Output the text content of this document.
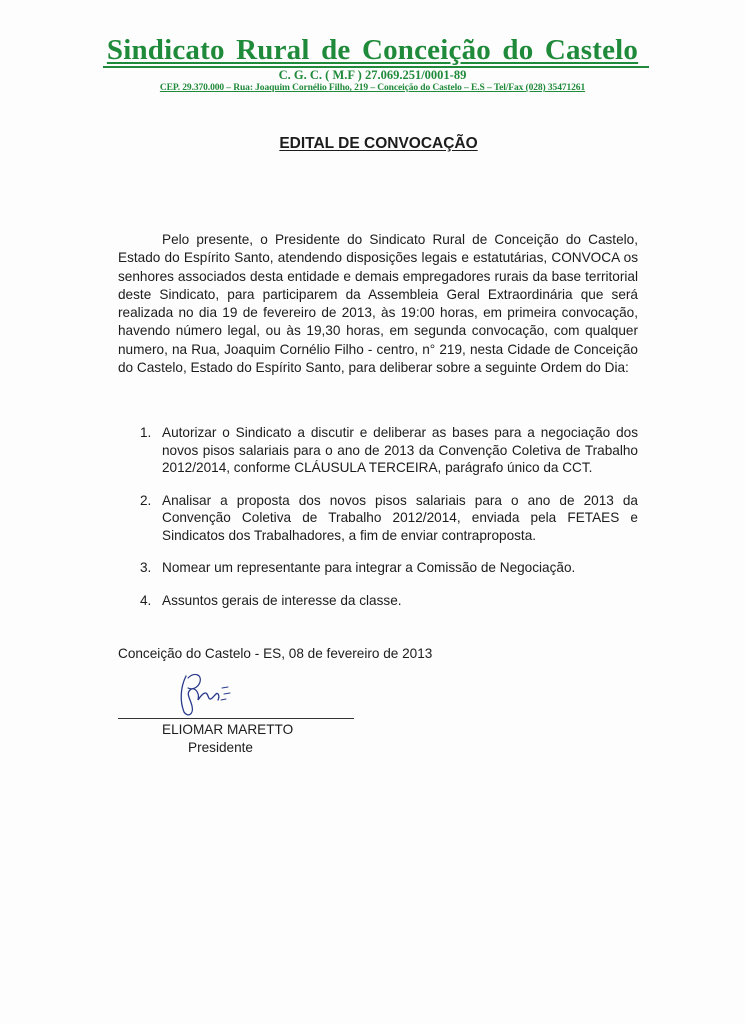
Sindicato Rural de Conceição do Castelo
C. G. C. ( M.F ) 27.069.251/0001-89
CEP. 29.370.000 – Rua: Joaquim Cornélio Filho, 219 – Conceição do Castelo – E.S – Tel/Fax (028) 35471261
EDITAL DE CONVOCAÇÃO

Pelo presente, o Presidente do Sindicato Rural de Conceição do Castelo, Estado do Espírito Santo, atendendo disposições legais e estatutárias, CONVOCA os senhores associados desta entidade e demais empregadores rurais da base territorial deste Sindicato, para participarem da Assembleia Geral Extraordinária que será realizada no dia 19 de fevereiro de 2013, às 19:00 horas, em primeira convocação, havendo número legal, ou às 19,30 horas, em segunda convocação, com qualquer numero, na Rua, Joaquim Cornélio Filho - centro, n° 219, nesta Cidade de Conceição do Castelo, Estado do Espírito Santo, para deliberar sobre a seguinte Ordem do Dia:

1. Autorizar o Sindicato a discutir e deliberar as bases para a negociação dos novos pisos salariais para o ano de 2013 da Convenção Coletiva de Trabalho 2012/2014, conforme CLÁUSULA TERCEIRA, parágrafo único da CCT.
2. Analisar a proposta dos novos pisos salariais para o ano de 2013 da Convenção Coletiva de Trabalho 2012/2014, enviada pela FETAES e Sindicatos dos Trabalhadores, a fim de enviar contraproposta.
3. Nomear um representante para integrar a Comissão de Negociação.
4. Assuntos gerais de interesse da classe.
Conceição do Castelo - ES, 08 de fevereiro de 2013
ELIOMAR MARETTO
Presidente
